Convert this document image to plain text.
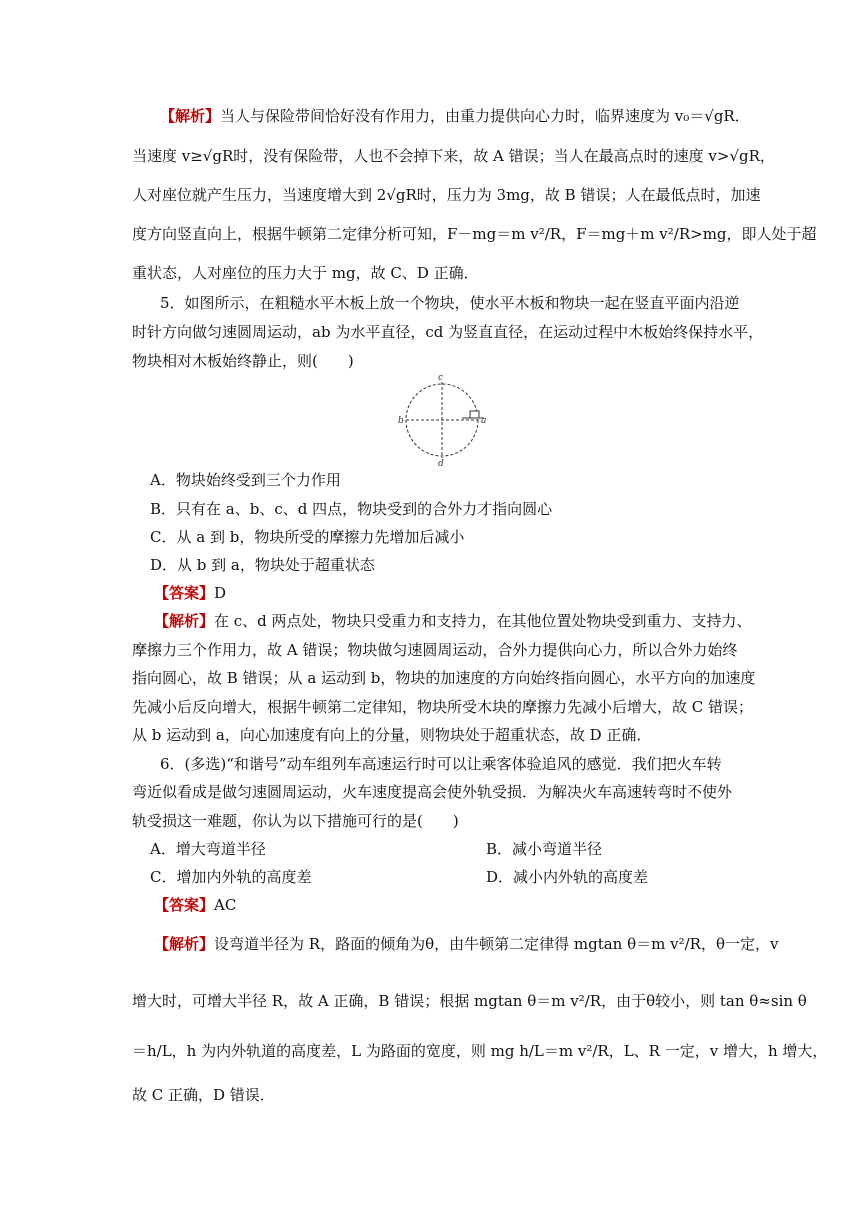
【解析】当人与保险带间恰好没有作用力，由重力提供向心力时，临界速度为 v₀＝√gR．
当速度 v≥√gR时，没有保险带，人也不会掉下来，故 A 错误；当人在最高点时的速度 v>√gR，
人对座位就产生压力，当速度增大到 2√gR时，压力为 3mg，故 B 错误；人在最低点时，加速
度方向竖直向上，根据牛顿第二定律分析可知，F－mg＝m v²/R，F＝mg＋m v²/R>mg，即人处于超
重状态，人对座位的压力大于 mg，故 C、D 正确．
5．如图所示，在粗糙水平木板上放一个物块，使水平木板和物块一起在竖直平面内沿逆
时针方向做匀速圆周运动，ab 为水平直径，cd 为竖直直径，在运动过程中木板始终保持水平，
物块相对木板始终静止，则(　　)
c
d
b	a
A．物块始终受到三个力作用
B．只有在 a、b、c、d 四点，物块受到的合外力才指向圆心
C．从 a 到 b，物块所受的摩擦力先增加后减小
D．从 b 到 a，物块处于超重状态
【答案】D
【解析】在 c、d 两点处，物块只受重力和支持力，在其他位置处物块受到重力、支持力、
摩擦力三个作用力，故 A 错误；物块做匀速圆周运动，合外力提供向心力，所以合外力始终
指向圆心，故 B 错误；从 a 运动到 b，物块的加速度的方向始终指向圆心，水平方向的加速度
先减小后反向增大，根据牛顿第二定律知，物块所受木块的摩擦力先减小后增大，故 C 错误；
从 b 运动到 a，向心加速度有向上的分量，则物块处于超重状态，故 D 正确．
6．(多选)“和谐号”动车组列车高速运行时可以让乘客体验追风的感觉．我们把火车转
弯近似看成是做匀速圆周运动，火车速度提高会使外轨受损．为解决火车高速转弯时不使外
轨受损这一难题，你认为以下措施可行的是(　　)
A．增大弯道半径	B．减小弯道半径
C．增加内外轨的高度差	D．减小内外轨的高度差
【答案】AC
【解析】设弯道半径为 R，路面的倾角为θ，由牛顿第二定律得 mgtan θ＝m v²/R，θ一定，v
增大时，可增大半径 R，故 A 正确，B 错误；根据 mgtan θ＝m v²/R，由于θ较小，则 tan θ≈sin θ
＝h/L，h 为内外轨道的高度差，L 为路面的宽度，则 mg h/L＝m v²/R，L、R 一定，v 增大，h 增大，
故 C 正确，D 错误．
